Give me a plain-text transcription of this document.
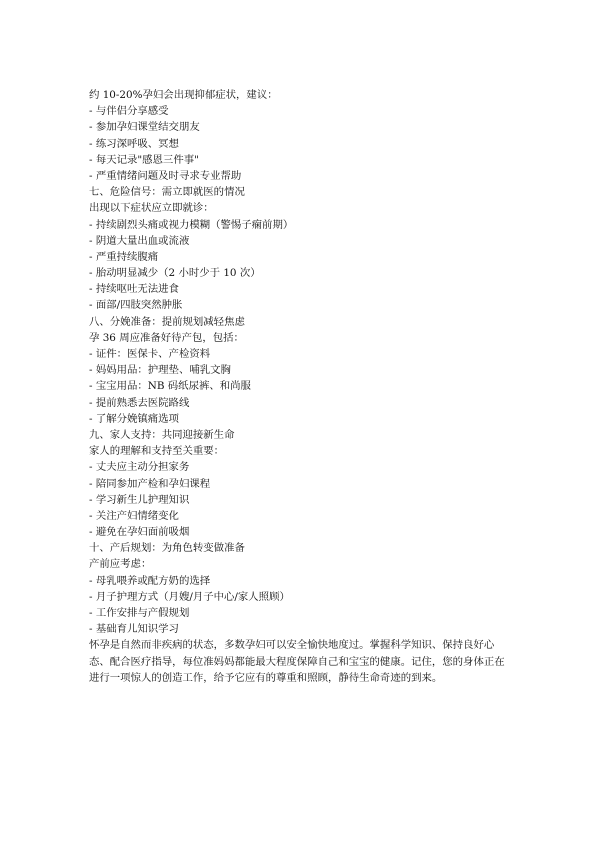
约 10-20%孕妇会出现抑郁症状，建议：
- 与伴侣分享感受
- 参加孕妇课堂结交朋友
- 练习深呼吸、冥想
- 每天记录"感恩三件事"
- 严重情绪问题及时寻求专业帮助
七、危险信号：需立即就医的情况
出现以下症状应立即就诊：
- 持续剧烈头痛或视力模糊（警惕子痫前期）
- 阴道大量出血或流液
- 严重持续腹痛
- 胎动明显减少（2 小时少于 10 次）
- 持续呕吐无法进食
- 面部/四肢突然肿胀
八、分娩准备：提前规划减轻焦虑
孕 36 周应准备好待产包，包括：
- 证件：医保卡、产检资料
- 妈妈用品：护理垫、哺乳文胸
- 宝宝用品：NB 码纸尿裤、和尚服
- 提前熟悉去医院路线
- 了解分娩镇痛选项
九、家人支持：共同迎接新生命
家人的理解和支持至关重要：
- 丈夫应主动分担家务
- 陪同参加产检和孕妇课程
- 学习新生儿护理知识
- 关注产妇情绪变化
- 避免在孕妇面前吸烟
十、产后规划：为角色转变做准备
产前应考虑：
- 母乳喂养或配方奶的选择
- 月子护理方式（月嫂/月子中心/家人照顾）
- 工作安排与产假规划
- 基础育儿知识学习
怀孕是自然而非疾病的状态，多数孕妇可以安全愉快地度过。掌握科学知识、保持良好心态、配合医疗指导，每位准妈妈都能最大程度保障自己和宝宝的健康。记住，您的身体正在进行一项惊人的创造工作，给予它应有的尊重和照顾，静待生命奇迹的到来。
